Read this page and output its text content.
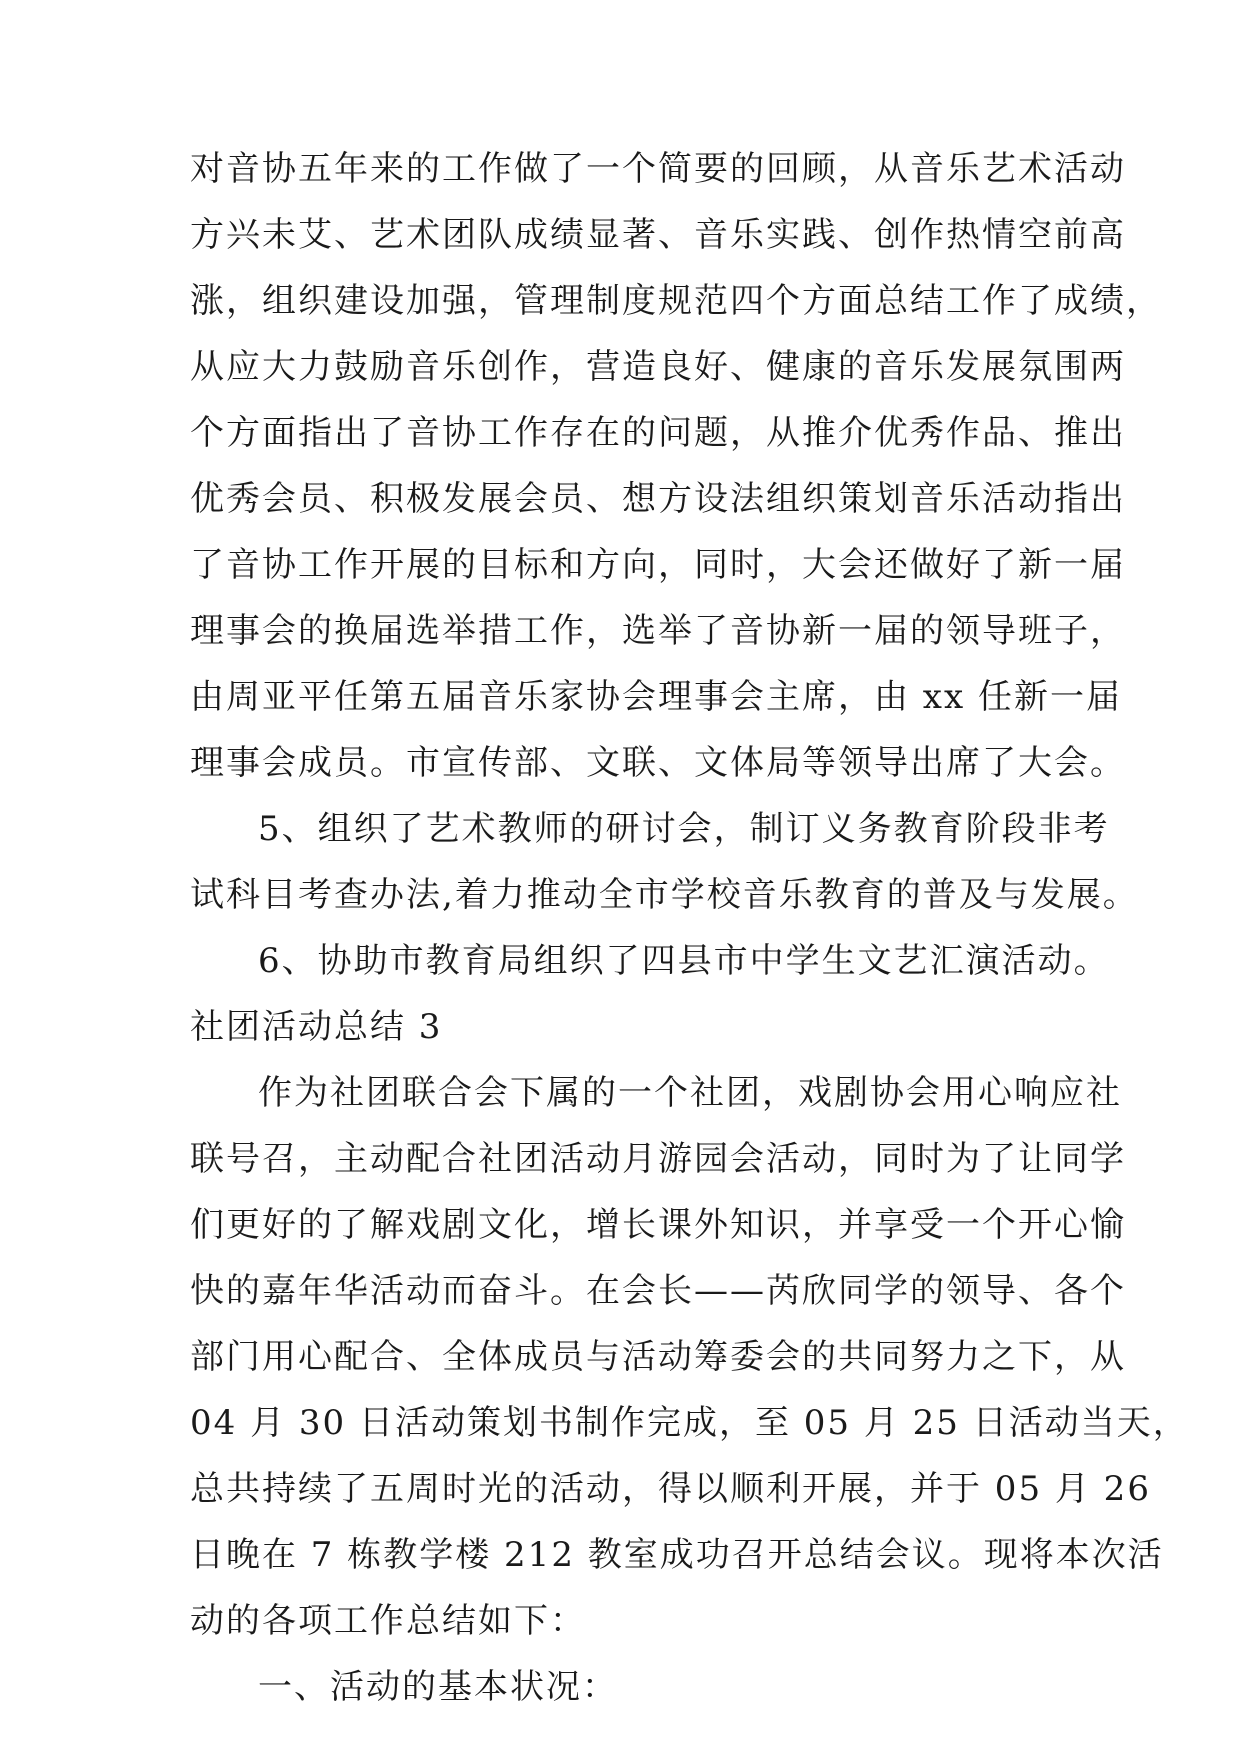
对音协五年来的工作做了一个简要的回顾，从音乐艺术活动
方兴未艾、艺术团队成绩显著、音乐实践、创作热情空前高
涨，组织建设加强，管理制度规范四个方面总结工作了成绩，
从应大力鼓励音乐创作，营造良好、健康的音乐发展氛围两
个方面指出了音协工作存在的问题，从推介优秀作品、推出
优秀会员、积极发展会员、想方设法组织策划音乐活动指出
了音协工作开展的目标和方向，同时，大会还做好了新一届
理事会的换届选举措工作，选举了音协新一届的领导班子，
由周亚平任第五届音乐家协会理事会主席，由 xx 任新一届
理事会成员。市宣传部、文联、文体局等领导出席了大会。
5、组织了艺术教师的研讨会，制订义务教育阶段非考
试科目考查办法,着力推动全市学校音乐教育的普及与发展。
6、协助市教育局组织了四县市中学生文艺汇演活动。
社团活动总结 3
作为社团联合会下属的一个社团，戏剧协会用心响应社
联号召，主动配合社团活动月游园会活动，同时为了让同学
们更好的了解戏剧文化，增长课外知识，并享受一个开心愉
快的嘉年华活动而奋斗。在会长——芮欣同学的领导、各个
部门用心配合、全体成员与活动筹委会的共同努力之下，从
04 月 30 日活动策划书制作完成，至 05 月 25 日活动当天，
总共持续了五周时光的活动，得以顺利开展，并于 05 月 26
日晚在 7 栋教学楼 212 教室成功召开总结会议。现将本次活
动的各项工作总结如下：
一、活动的基本状况：
